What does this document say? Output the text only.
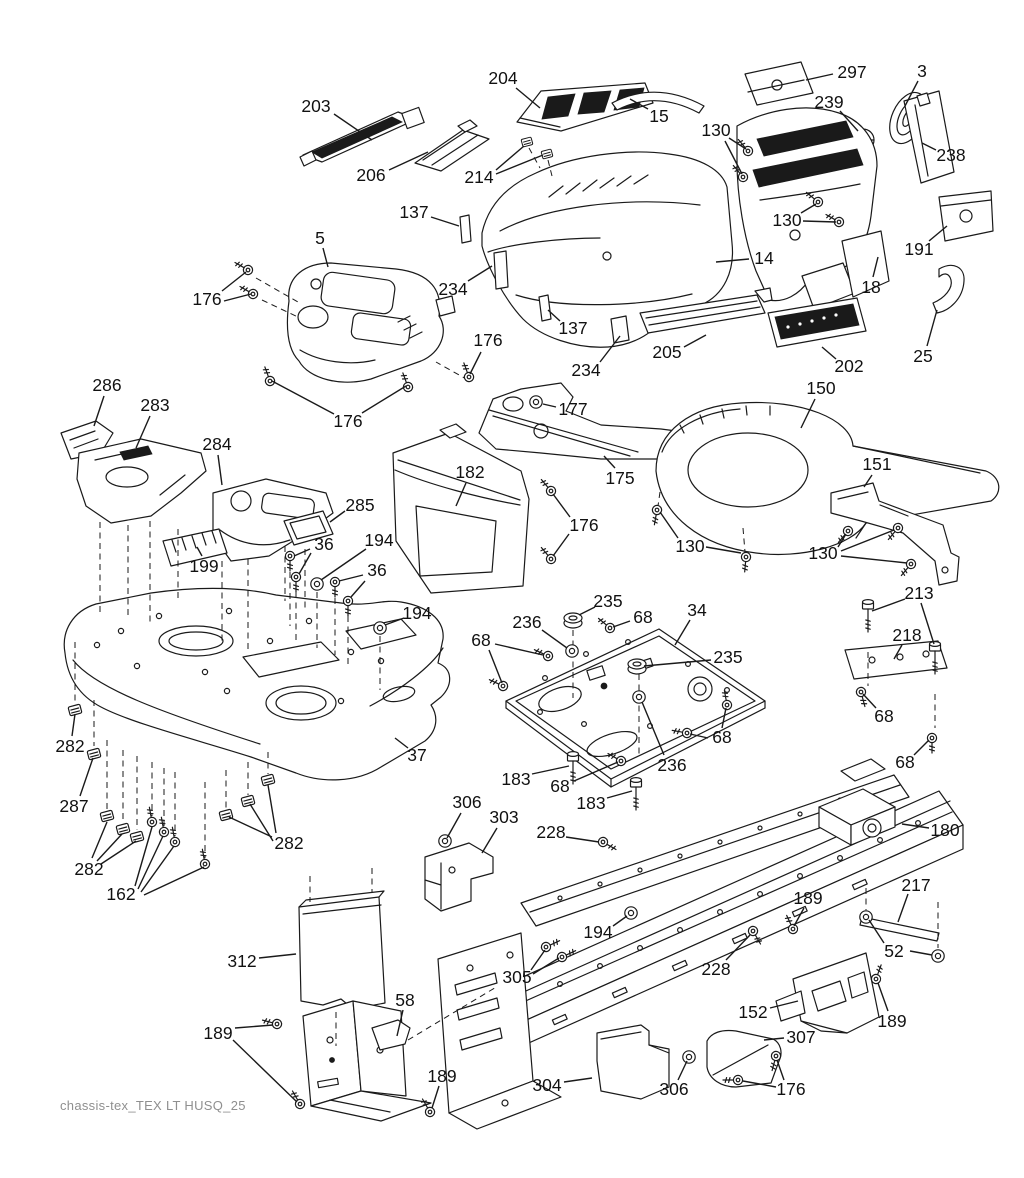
203
204
206	214
15
297	3
239
130
238
130
137
14	191
18
5
176	234
137
234
205
202	25
176
286
283
284
176
177
150
182	175
151
285
176
199
36 194
36
130	130
194
235
236	68 34
68
235
213
218
68
68
236	68
37
282
183 68
183
287	306
303
228	180
282
282
162	217
194
189
228
52
152	189
307
305
304	306	176
312
58
189
189
chassis-tex_TEX LT HUSQ_25
